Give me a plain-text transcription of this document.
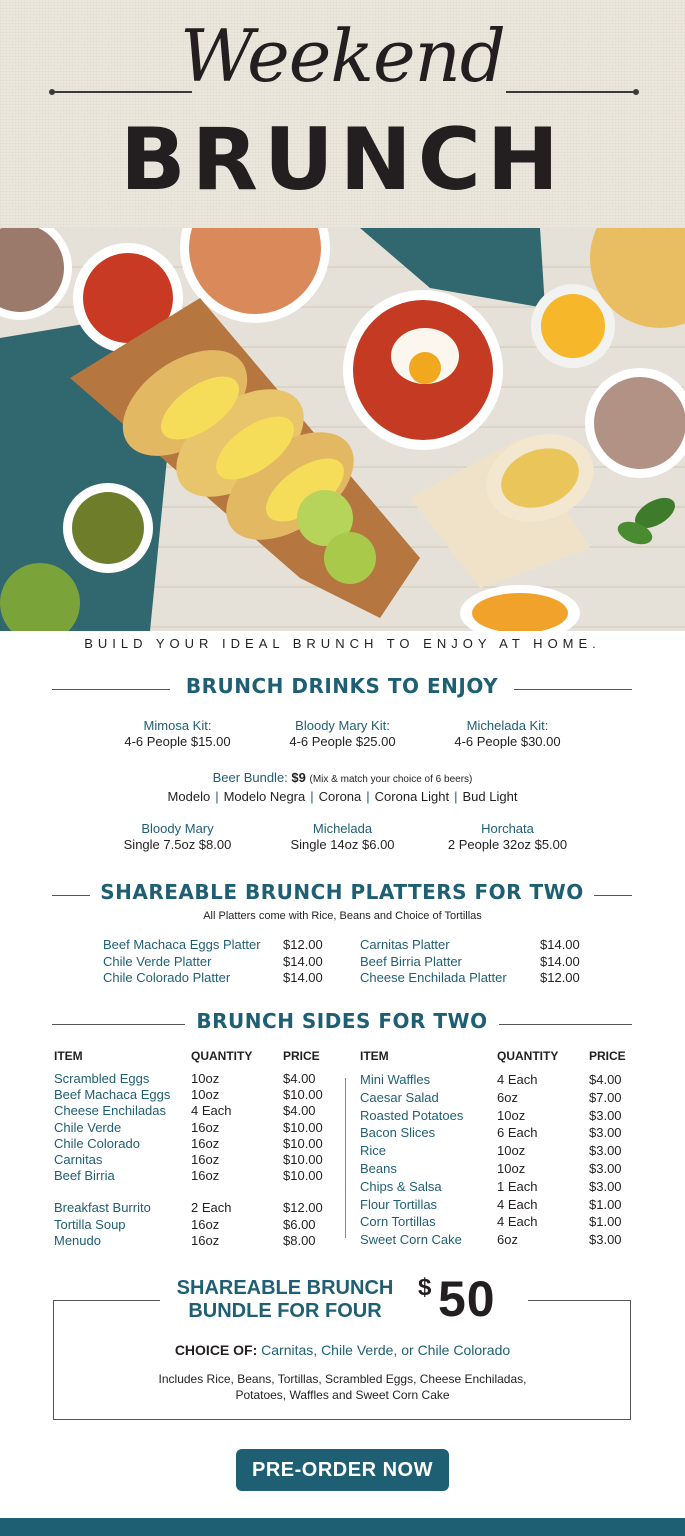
Weekend
BRUNCH
BUILD YOUR IDEAL BRUNCH TO ENJOY AT HOME.
BRUNCH DRINKS TO ENJOY
Mimosa Kit:
4-6 People $15.00
Bloody Mary Kit:
4-6 People $25.00
Michelada Kit:
4-6 People $30.00
Beer Bundle: $9 (Mix & match your choice of 6 beers)
Modelo | Modelo Negra | Corona | Corona Light | Bud Light
Bloody Mary
Single 7.5oz $8.00
Michelada
Single 14oz $6.00
Horchata
2 People 32oz $5.00
SHAREABLE BRUNCH PLATTERS FOR TWO
All Platters come with Rice, Beans and Choice of Tortillas
Beef Machaca Eggs Platter	$12.00
Chile Verde Platter	$14.00
Chile Colorado Platter	$14.00
Carnitas Platter	$14.00
Beef Birria Platter	$14.00
Cheese Enchilada Platter	$12.00
BRUNCH SIDES FOR TWO
ITEM	QUANTITY	PRICE
Scrambled Eggs	10oz	$4.00
Beef Machaca Eggs	10oz	$10.00
Cheese Enchiladas	4 Each	$4.00
Chile Verde	16oz	$10.00
Chile Colorado	16oz	$10.00
Carnitas	16oz	$10.00
Beef Birria	16oz	$10.00
Breakfast Burrito	2 Each	$12.00
Tortilla Soup	16oz	$6.00
Menudo	16oz	$8.00
ITEM	QUANTITY	PRICE
Mini Waffles	4 Each	$4.00
Caesar Salad	6oz	$7.00
Roasted Potatoes	10oz	$3.00
Bacon Slices	6 Each	$3.00
Rice	10oz	$3.00
Beans	10oz	$3.00
Chips & Salsa	1 Each	$3.00
Flour Tortillas	4 Each	$1.00
Corn Tortillas	4 Each	$1.00
Sweet Corn Cake	6oz	$3.00
SHAREABLE BRUNCH
BUNDLE FOR FOUR
$ 50
CHOICE OF: Carnitas, Chile Verde, or Chile Colorado
Includes Rice, Beans, Tortillas, Scrambled Eggs, Cheese Enchiladas,
Potatoes, Waffles and Sweet Corn Cake
PRE-ORDER NOW
